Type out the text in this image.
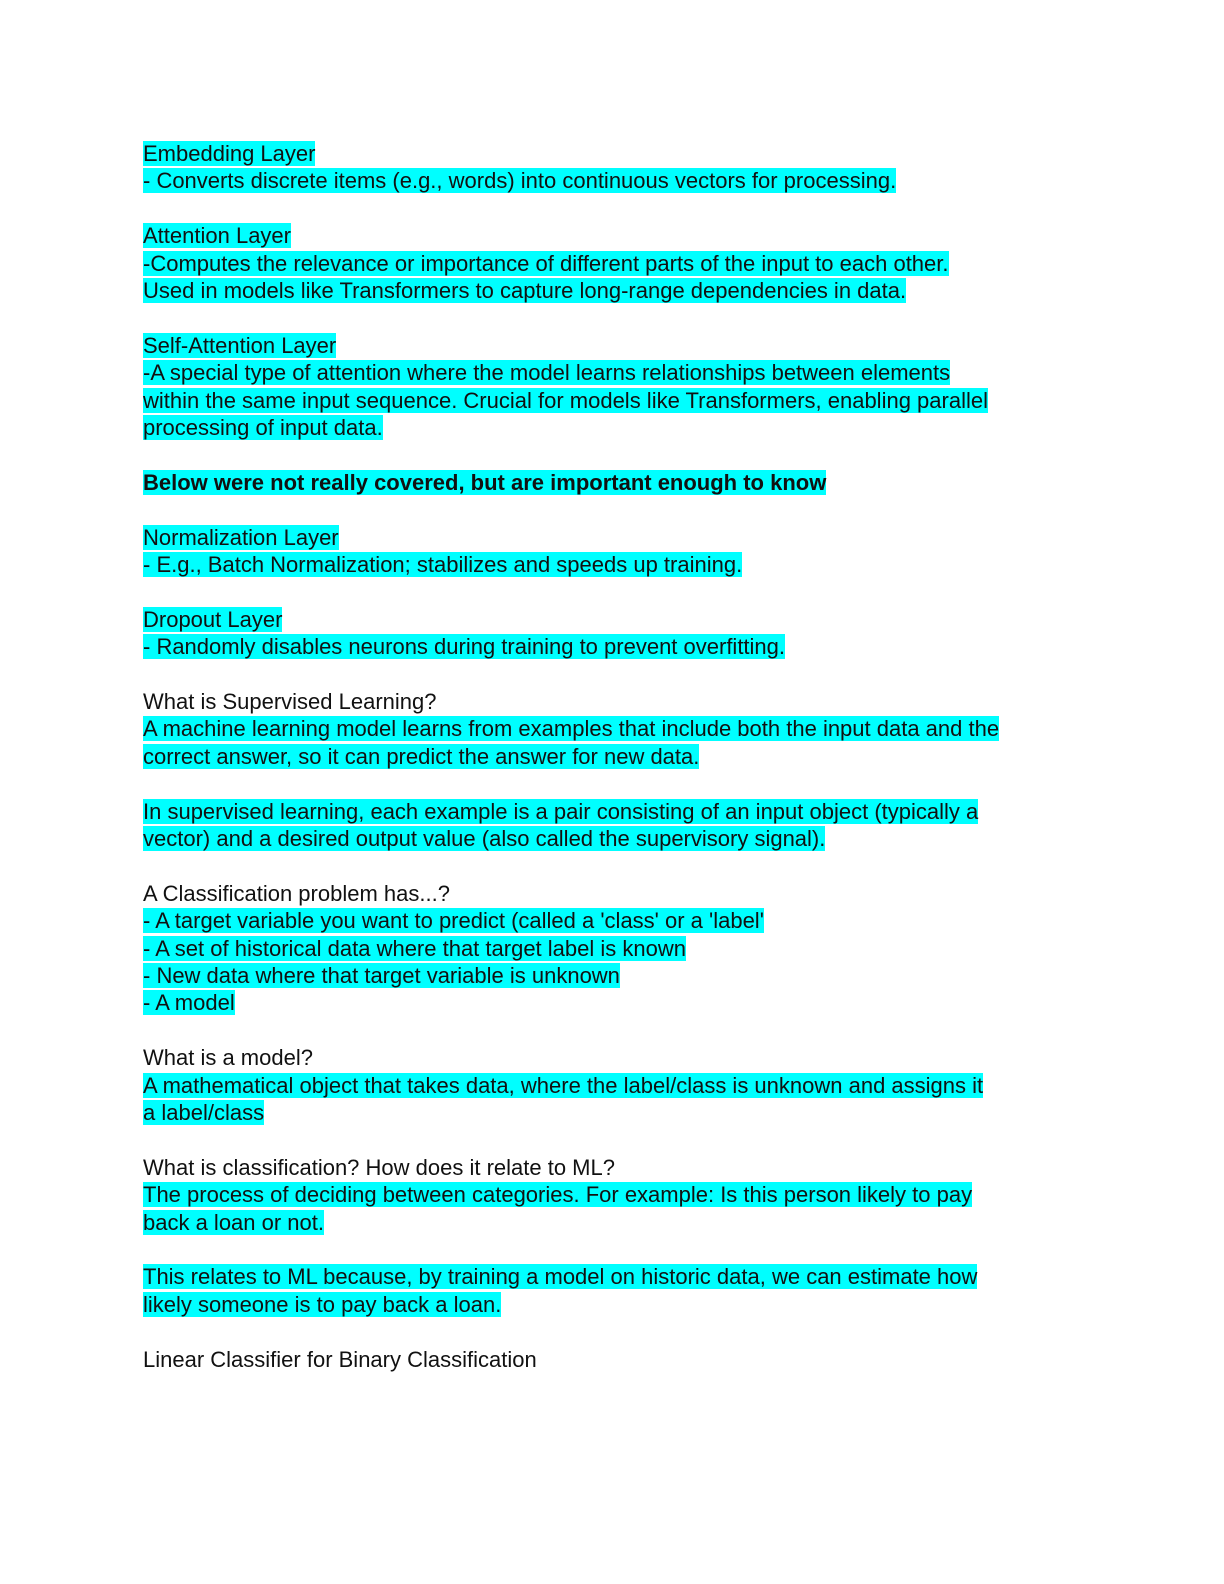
Embedding Layer
- Converts discrete items (e.g., words) into continuous vectors for processing.
Attention Layer
-Computes the relevance or importance of different parts of the input to each other.
Used in models like Transformers to capture long-range dependencies in data.
Self-Attention Layer
-A special type of attention where the model learns relationships between elements
within the same input sequence. Crucial for models like Transformers, enabling parallel
processing of input data.
Below were not really covered, but are important enough to know
Normalization Layer
- E.g., Batch Normalization; stabilizes and speeds up training.
Dropout Layer
- Randomly disables neurons during training to prevent overfitting.
What is Supervised Learning?
A machine learning model learns from examples that include both the input data and the
correct answer, so it can predict the answer for new data.
In supervised learning, each example is a pair consisting of an input object (typically a
vector) and a desired output value (also called the supervisory signal).
A Classification problem has...?
- A target variable you want to predict (called a 'class' or a 'label'
- A set of historical data where that target label is known
- New data where that target variable is unknown
- A model
What is a model?
A mathematical object that takes data, where the label/class is unknown and assigns it
a label/class
What is classification? How does it relate to ML?
The process of deciding between categories. For example: Is this person likely to pay
back a loan or not.
This relates to ML because, by training a model on historic data, we can estimate how
likely someone is to pay back a loan.
Linear Classifier for Binary Classification
